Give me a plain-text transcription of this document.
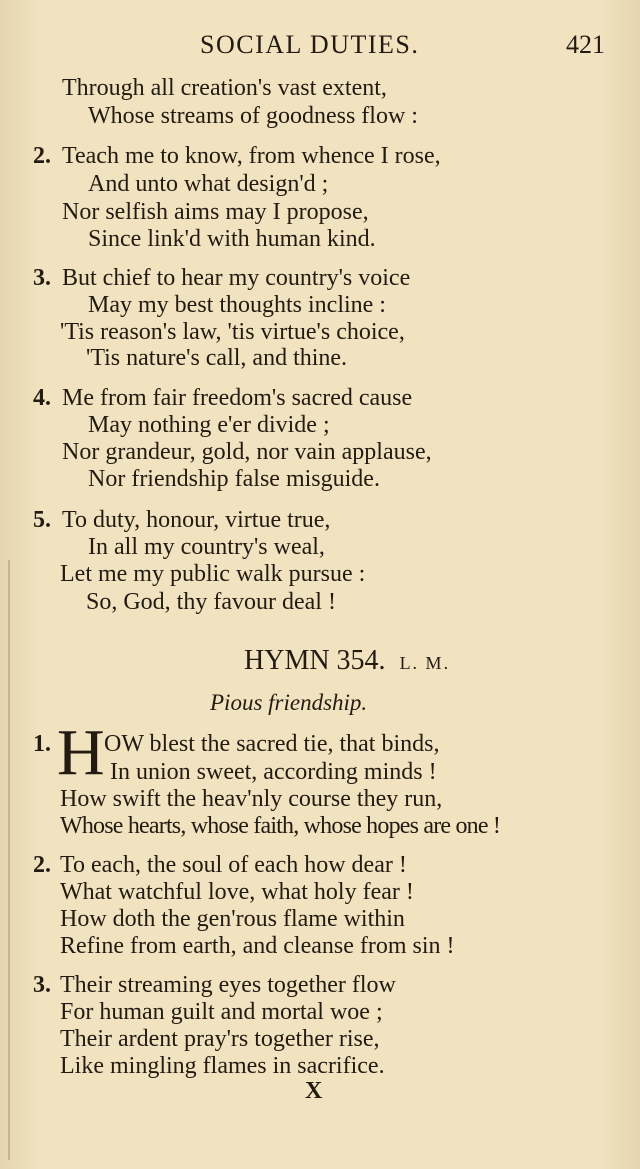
SOCIAL DUTIES.	421
Through all creation's vast extent,
Whose streams of goodness flow :
2. Teach me to know, from whence I rose,
And unto what design'd ;
Nor selfish aims may I propose,
Since link'd with human kind.
3. But chief to hear my country's voice
May my best thoughts incline :
'Tis reason's law, 'tis virtue's choice,
'Tis nature's call, and thine.
4. Me from fair freedom's sacred cause
May nothing e'er divide ;
Nor grandeur, gold, nor vain applause,
Nor friendship false misguide.
5. To duty, honour, virtue true,
In all my country's weal,
Let me my public walk pursue :
So, God, thy favour deal !
HYMN 354. L. M.
Pious friendship.
1. H OW blest the sacred tie, that binds,
In union sweet, according minds !
How swift the heav'nly course they run,
Whose hearts, whose faith, whose hopes are one !
2. To each, the soul of each how dear !
What watchful love, what holy fear !
How doth the gen'rous flame within
Refine from earth, and cleanse from sin !
3. Their streaming eyes together flow
For human guilt and mortal woe ;
Their ardent pray'rs together rise,
Like mingling flames in sacrifice.
X
